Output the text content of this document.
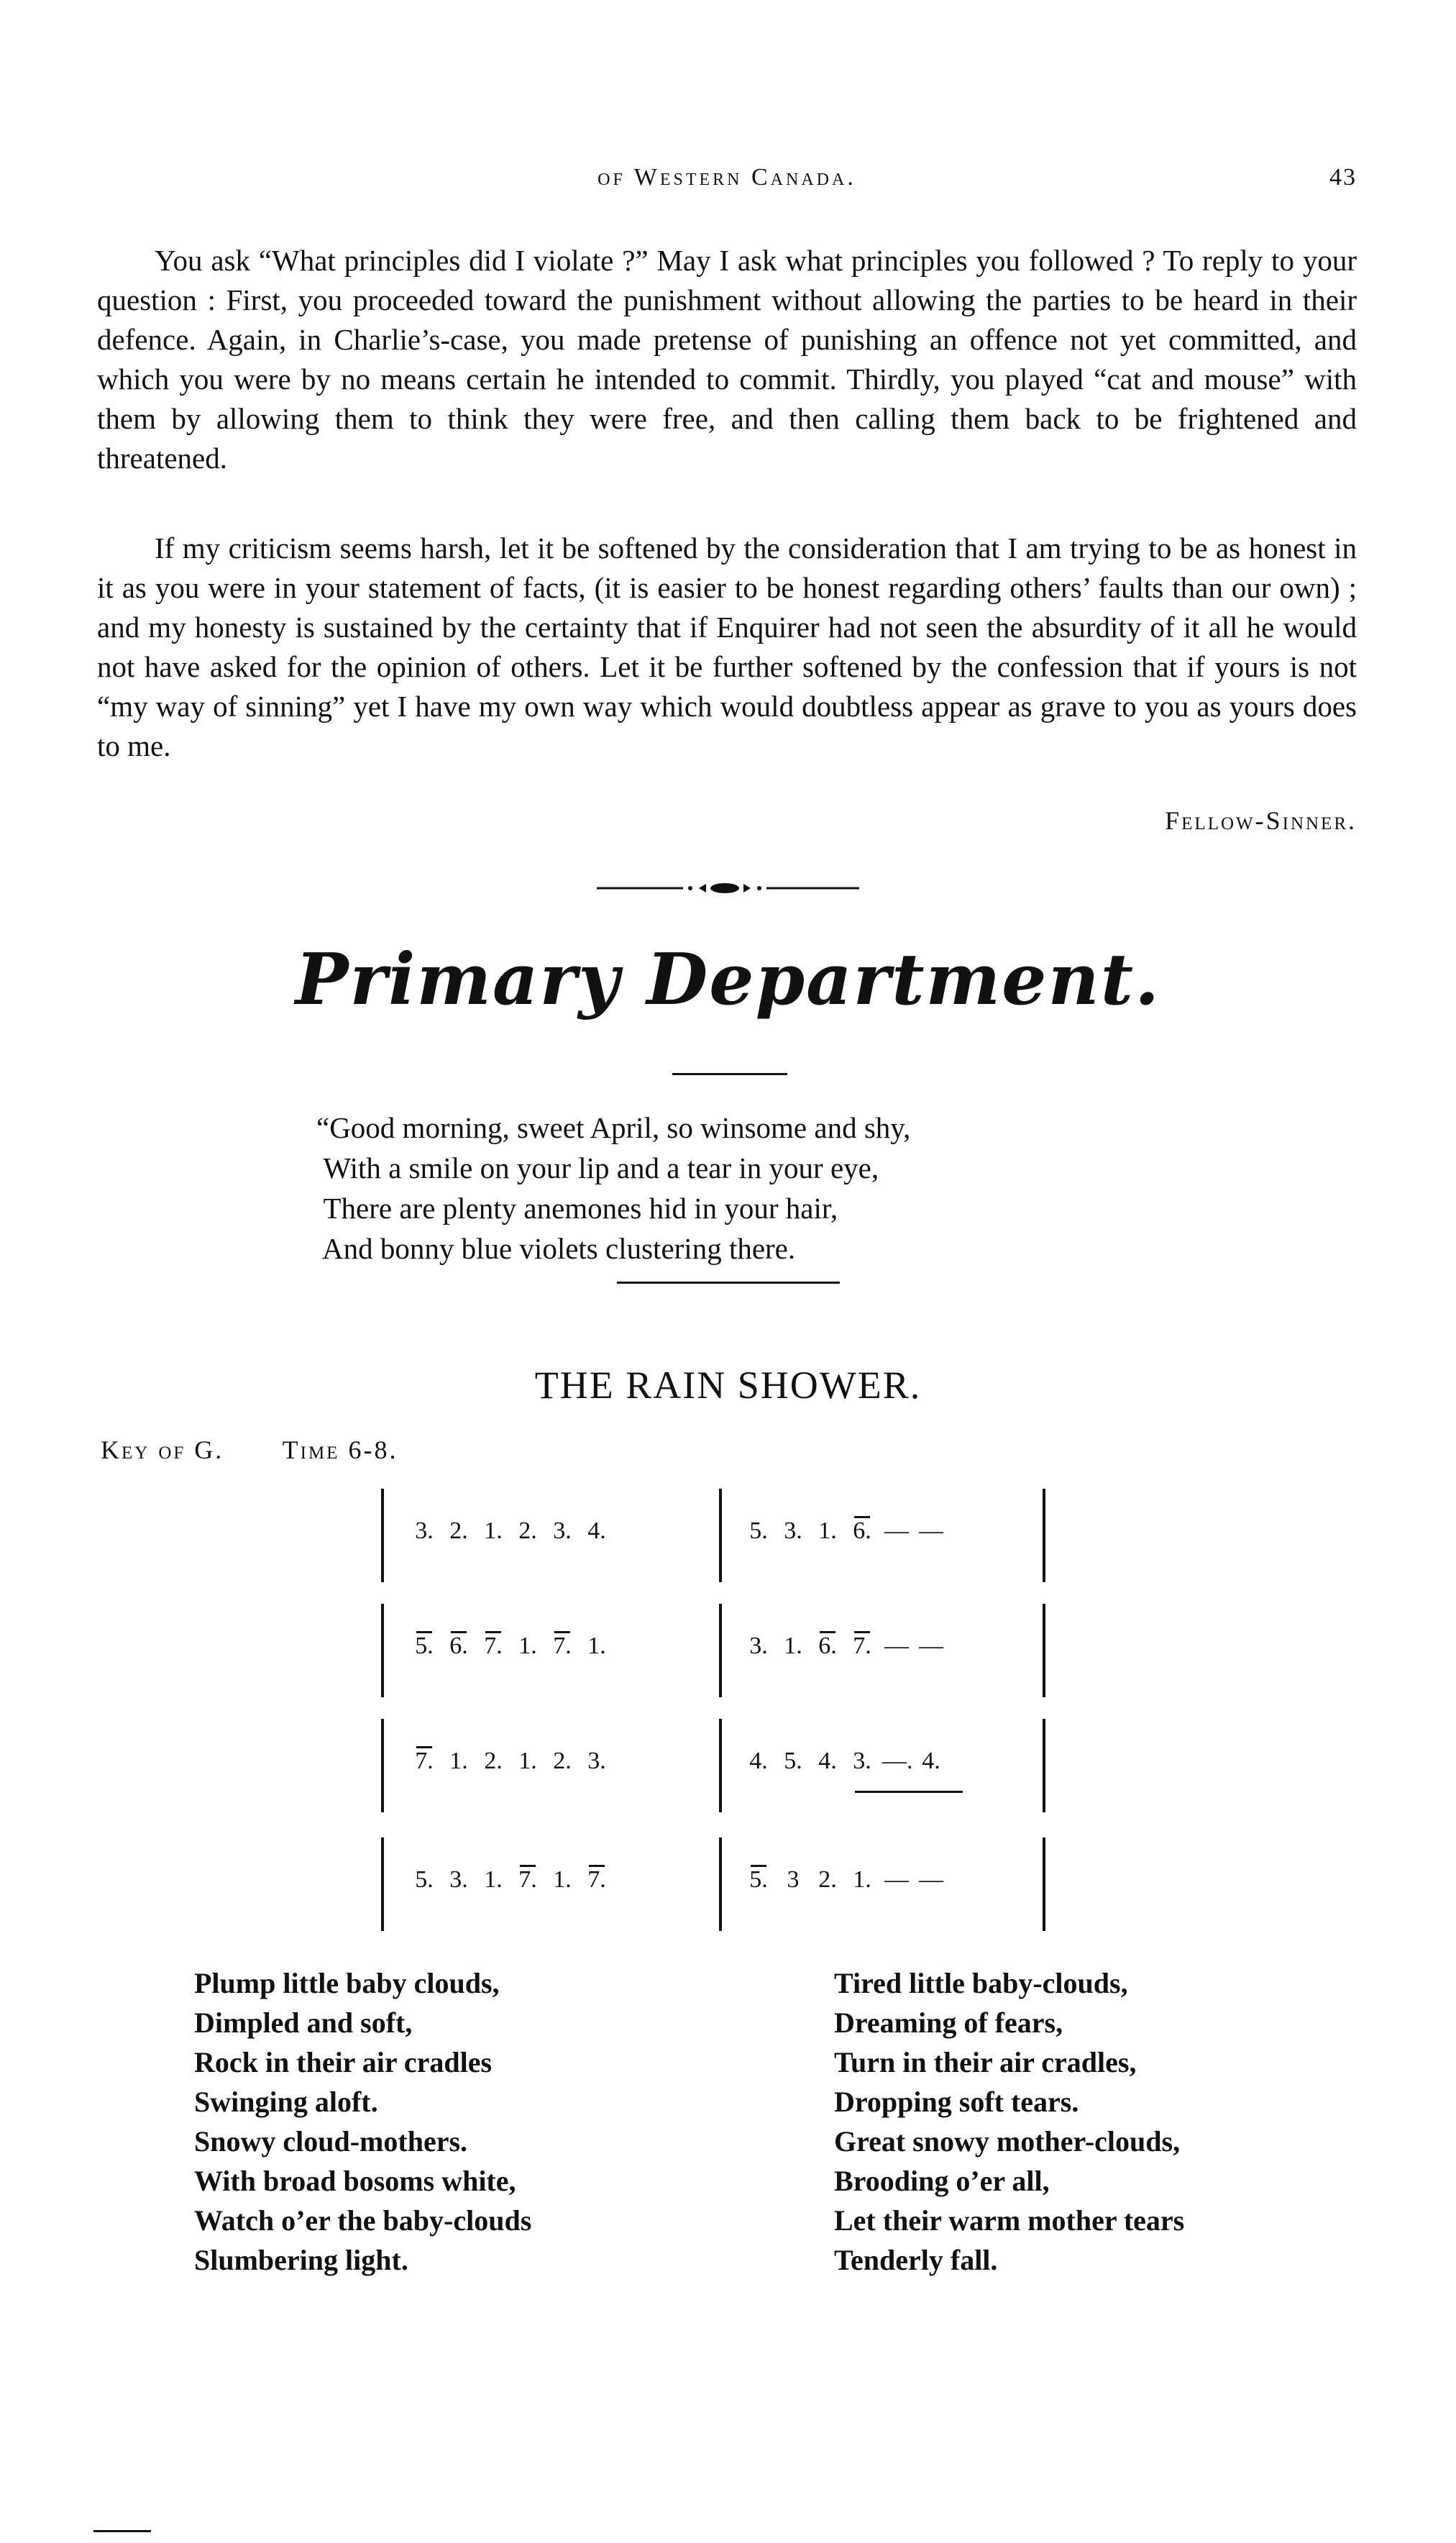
of Western Canada.	43

You ask “What principles did I violate ?” May I ask what principles you followed ? To reply to your question : First, you proceeded toward the punishment without allowing the parties to be heard in their defence. Again, in Charlie’s-case, you made pretense of punishing an offence not yet committed, and which you were by no means certain he intended to commit. Thirdly, you played “cat and mouse” with them by allowing them to think they were free, and then calling them back to be frightened and threatened.

If my criticism seems harsh, let it be softened by the consideration that I am trying to be as honest in it as you were in your statement of facts, (it is easier to be honest regarding others’ faults than our own) ; and my honesty is sustained by the certainty that if Enquirer had not seen the absurdity of it all he would not have asked for the opinion of others. Let it be further softened by the confession that if yours is not “my way of sinning” yet I have my own way which would doubtless appear as grave to you as yours does to me.

Fellow-Sinner.
Primary Department.
“Good morning, sweet April, so winsome and shy,
With a smile on your lip and a tear in your eye,
There are plenty anemones hid in your hair,
And bonny blue violets clustering there.
THE RAIN SHOWER.
Key of G. Time 6-8.
3. 2. 1. 2. 3. 4.	5. 3. 1. 6. — —
5. 6. 7. 1. 7. 1.	3. 1. 6. 7. — —
7. 1. 2. 1. 2. 3.	4. 5. 4. 3. —. 4.
5. 3. 1. 7. 1. 7.	5. 3 2. 1. — —
Plump little baby clouds,
Dimpled and soft,
Rock in their air cradles
Swinging aloft.
Snowy cloud-mothers.
With broad bosoms white,
Watch o’er the baby-clouds
Slumbering light.
Tired little baby-clouds,
Dreaming of fears,
Turn in their air cradles,
Dropping soft tears.
Great snowy mother-clouds,
Brooding o’er all,
Let their warm mother tears
Tenderly fall.
